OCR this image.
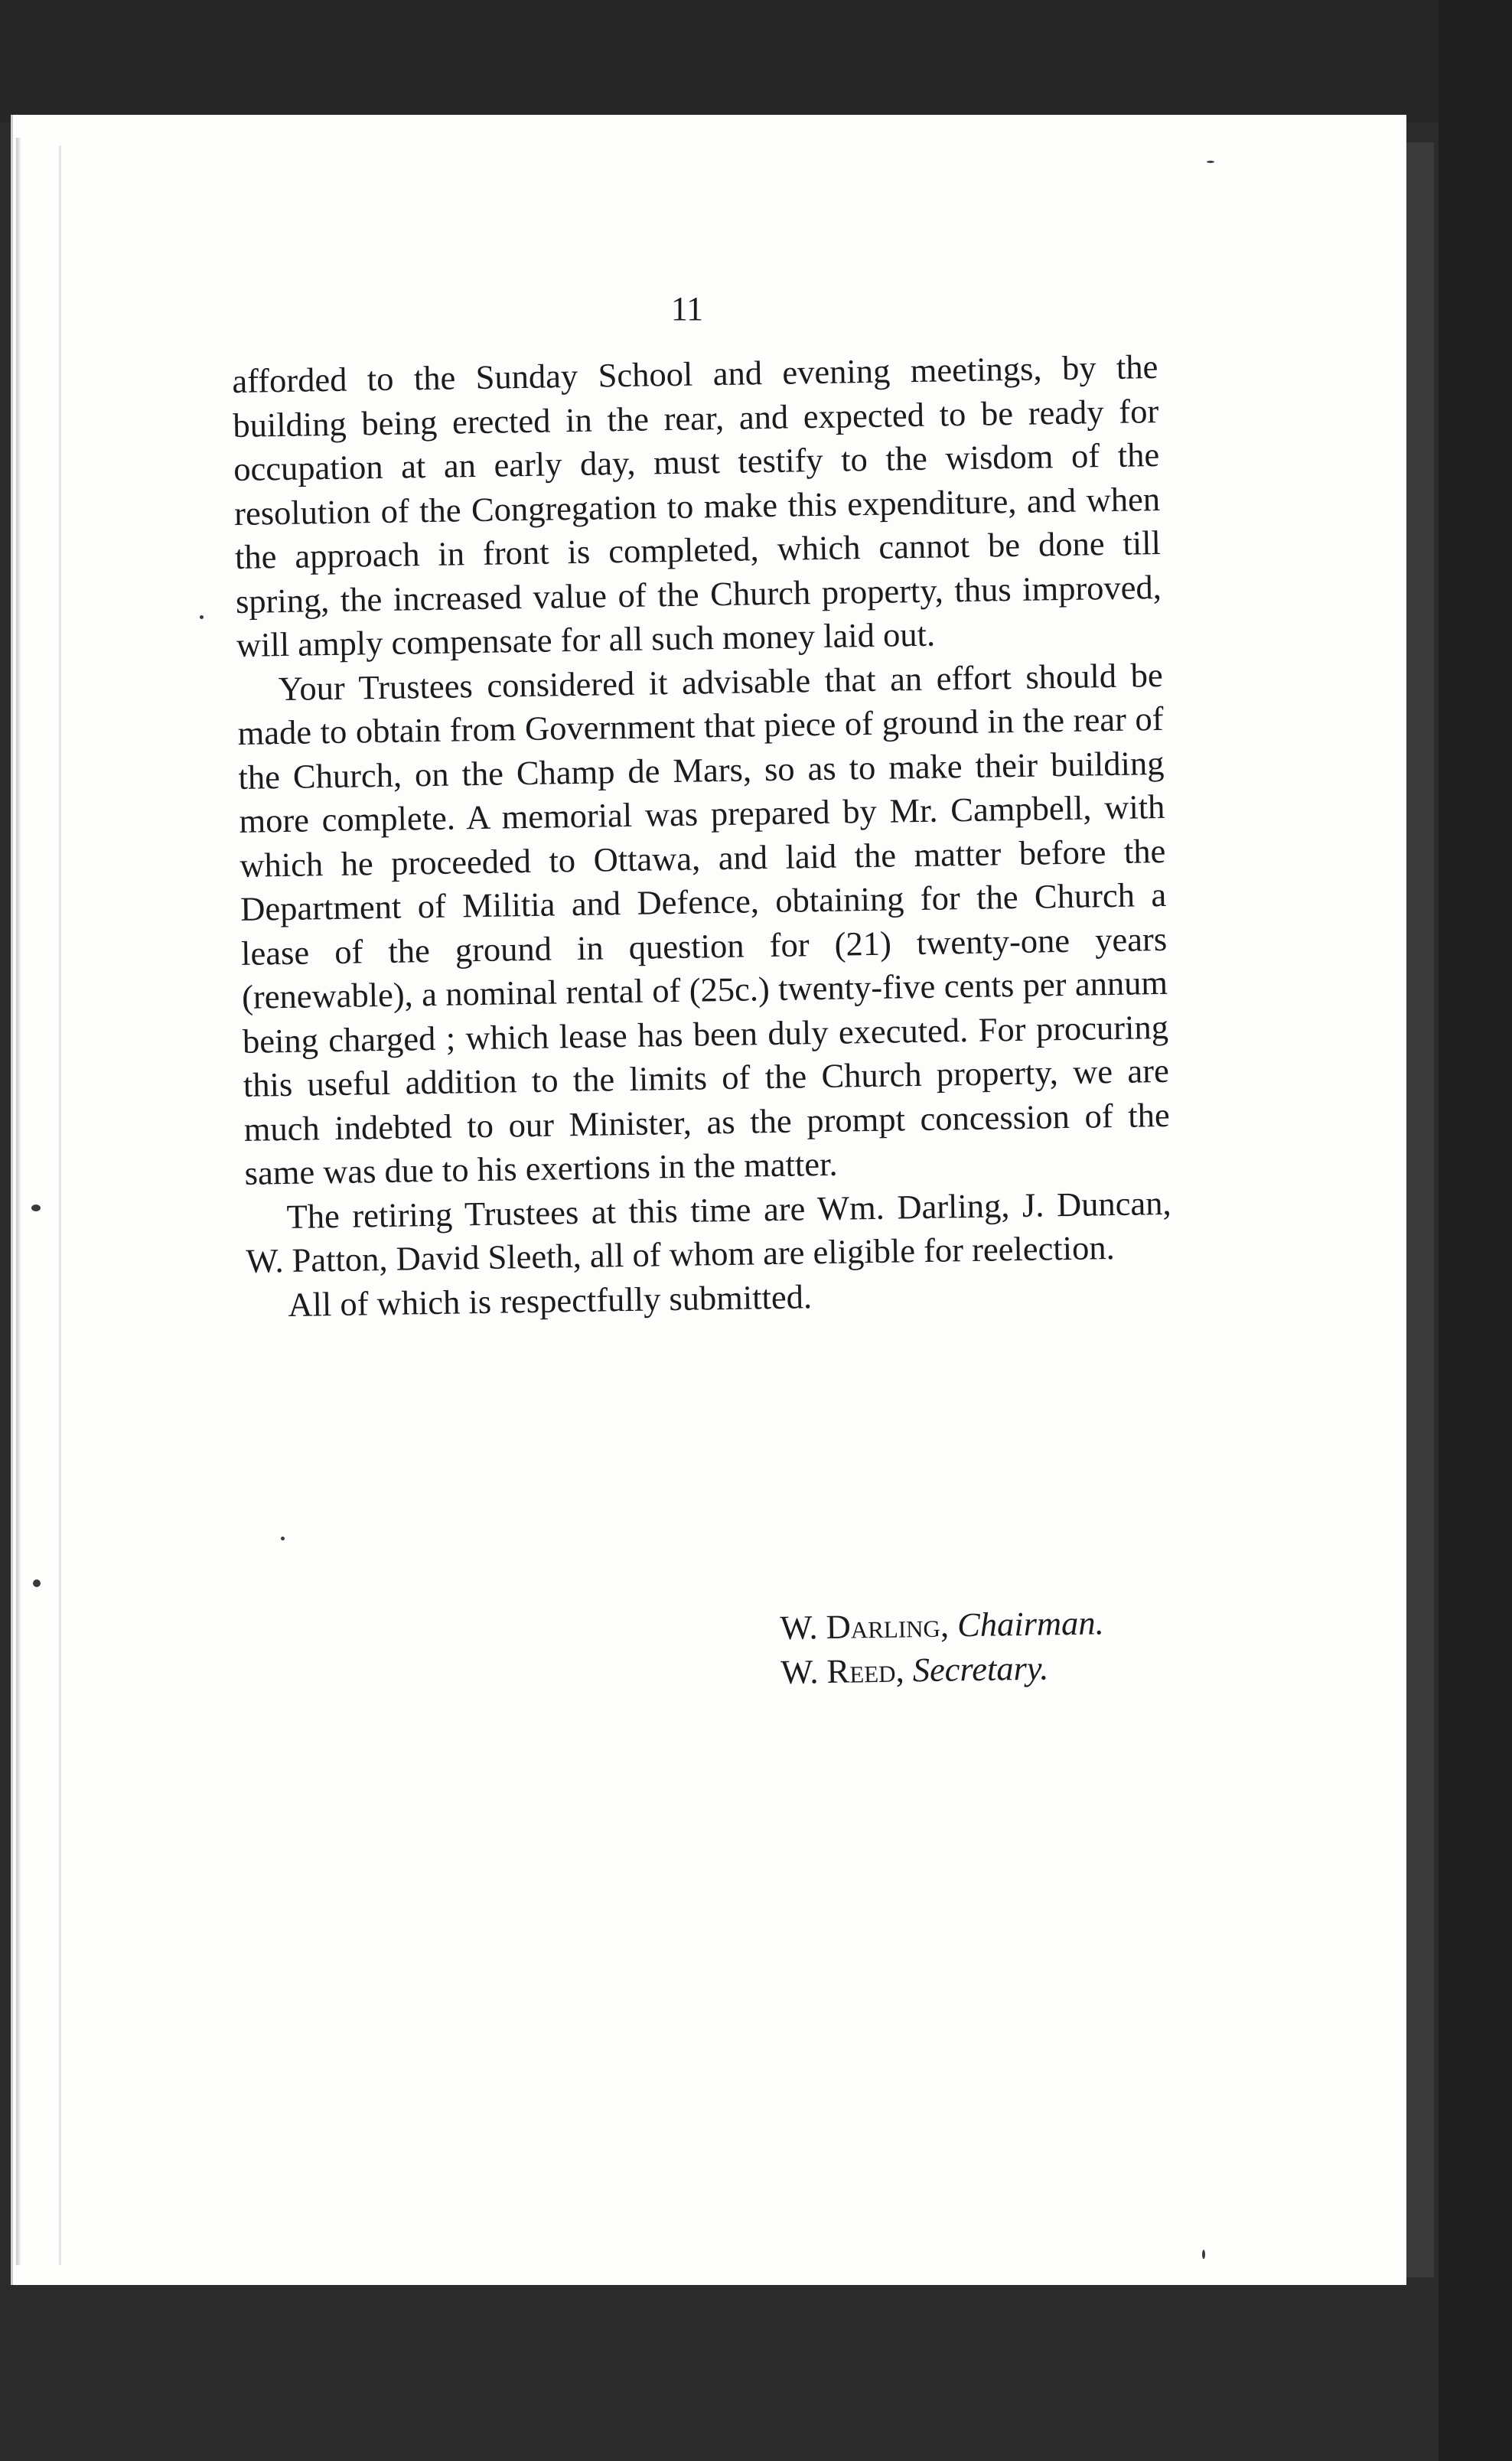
11

afforded to the Sunday School and evening meetings, by the building being erected in the rear, and expected to be ready for occupation at an early day, must testify to the wisdom of the resolution of the Congregation to make this expenditure, and when the approach in front is completed, which cannot be done till spring, the increased value of the Church property, thus improved, will amply compensate for all such money laid out.

Your Trustees considered it advisable that an effort should be made to obtain from Government that piece of ground in the rear of the Church, on the Champ de Mars, so as to make their building more complete. A memorial was prepared by Mr. Campbell, with which he proceeded to Ottawa, and laid the matter before the Department of Militia and Defence, obtaining for the Church a lease of the ground in question for (21) twenty-one years (renewable), a nominal rental of (25c.) twenty-five cents per annum being charged ; which lease has been duly executed. For procuring this useful addition to the limits of the Church property, we are much indebted to our Minister, as the prompt concession of the same was due to his exertions in the matter.

The retiring Trustees at this time are Wm. Darling, J. Duncan, W. Patton, David Sleeth, all of whom are eligible for reelection.

All of which is respectfully submitted.

W. Darling, Chairman.
W. Reed, Secretary.
